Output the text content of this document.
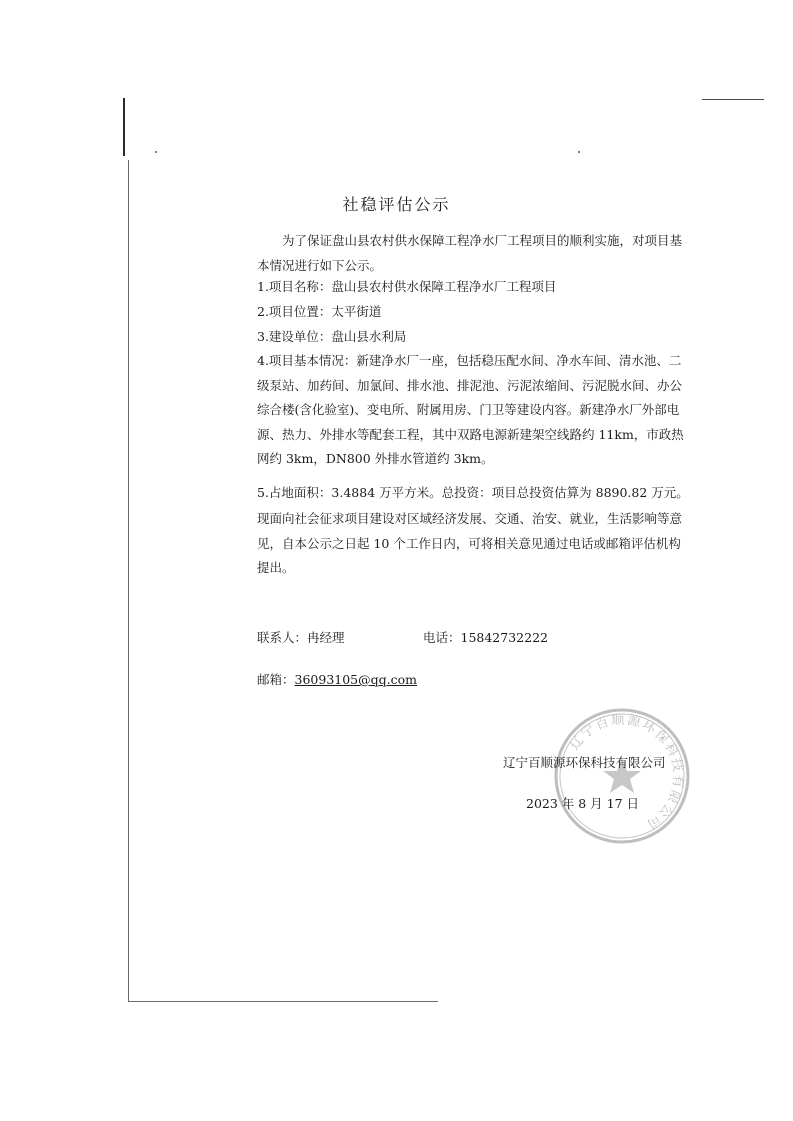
社稳评估公示

为了保证盘山县农村供水保障工程净水厂工程项目的顺利实施，对项目基本情况进行如下公示。

1.项目名称：盘山县农村供水保障工程净水厂工程项目

2.项目位置：太平街道

3.建设单位：盘山县水利局

4.项目基本情况：新建净水厂一座，包括稳压配水间、净水车间、清水池、二级泵站、加药间、加氯间、排水池、排泥池、污泥浓缩间、污泥脱水间、办公综合楼(含化验室)、变电所、附属用房、门卫等建设内容。新建净水厂外部电源、热力、外排水等配套工程，其中双路电源新建架空线路约 11km，市政热网约 3km，DN800 外排水管道约 3km。

5.占地面积：3.4884 万平方米。总投资：项目总投资估算为 8890.82 万元。

现面向社会征求项目建设对区域经济发展、交通、治安、就业，生活影响等意见，自本公示之日起 10 个工作日内，可将相关意见通过电话或邮箱评估机构提出。

联系人：冉经理	电话：15842732222

邮箱：36093105@qq.com

辽宁百顺源环保科技有限公司
辽宁百顺源环保科技有限公司
2023 年 8 月 17 日
